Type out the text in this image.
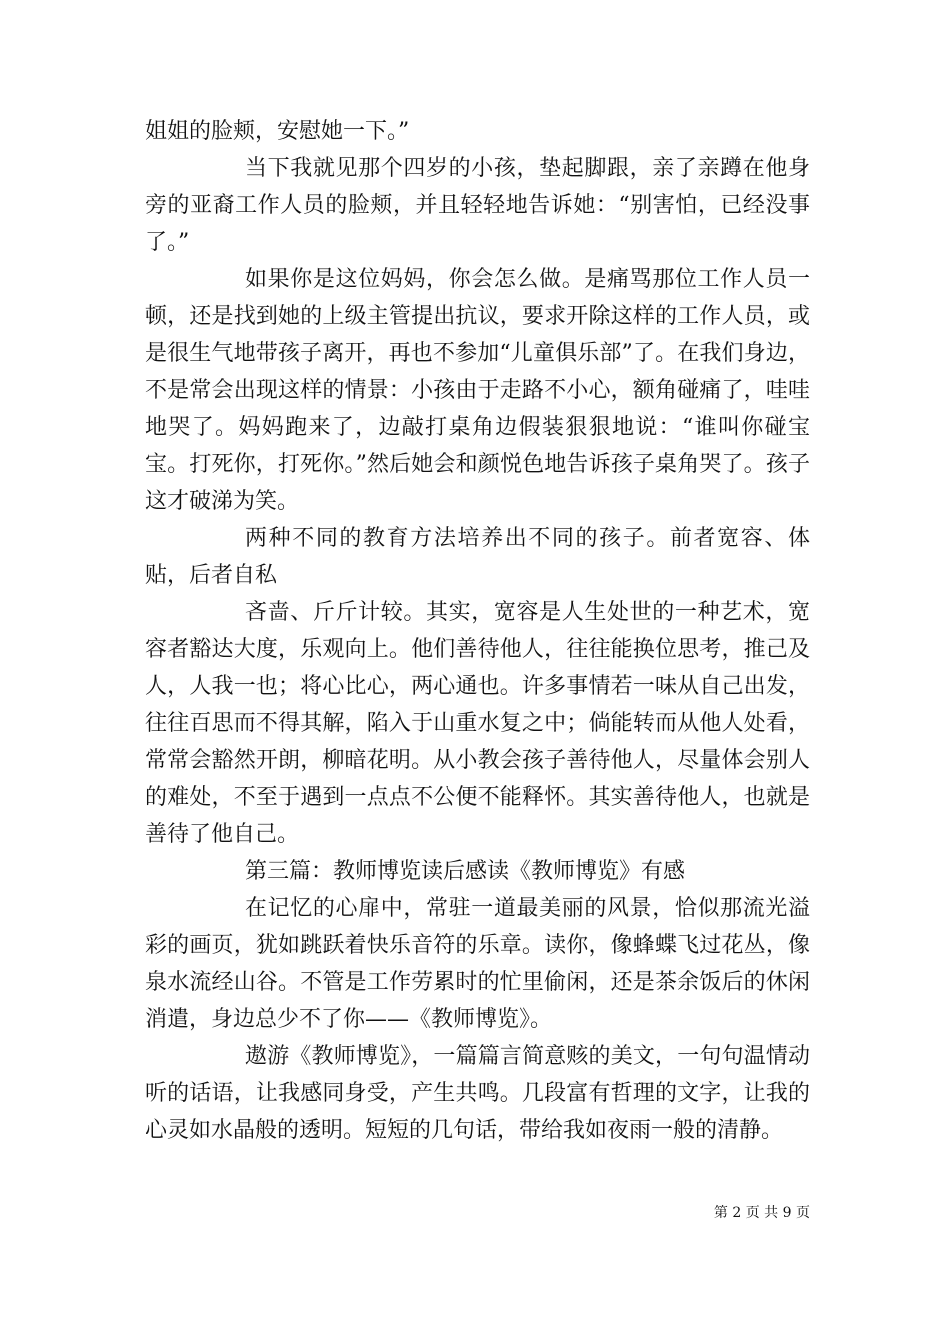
姐姐的脸颊，安慰她一下。”

当下我就见那个四岁的小孩，垫起脚跟，亲了亲蹲在他身旁的亚裔工作人员的脸颊，并且轻轻地告诉她：“别害怕，已经没事了。”

如果你是这位妈妈，你会怎么做。是痛骂那位工作人员一顿，还是找到她的上级主管提出抗议，要求开除这样的工作人员，或是很生气地带孩子离开，再也不参加“儿童俱乐部”了。在我们身边，不是常会出现这样的情景：小孩由于走路不小心，额角碰痛了，哇哇地哭了。妈妈跑来了，边敲打桌角边假装狠狠地说：“谁叫你碰宝宝。打死你，打死你。”然后她会和颜悦色地告诉孩子桌角哭了。孩子这才破涕为笑。

两种不同的教育方法培养出不同的孩子。前者宽容、体贴，后者自私

吝啬、斤斤计较。其实，宽容是人生处世的一种艺术，宽容者豁达大度，乐观向上。他们善待他人，往往能换位思考，推己及人，人我一也；将心比心，两心通也。许多事情若一味从自己出发，往往百思而不得其解，陷入于山重水复之中；倘能转而从他人处看，常常会豁然开朗，柳暗花明。从小教会孩子善待他人，尽量体会别人的难处，不至于遇到一点点不公便不能释怀。其实善待他人，也就是善待了他自己。

第三篇：教师博览读后感读《教师博览》有感

在记忆的心扉中，常驻一道最美丽的风景，恰似那流光溢彩的画页，犹如跳跃着快乐音符的乐章。读你，像蜂蝶飞过花丛，像泉水流经山谷。不管是工作劳累时的忙里偷闲，还是茶余饭后的休闲消遣，身边总少不了你——《教师博览》。

遨游《教师博览》，一篇篇言简意赅的美文，一句句温情动听的话语，让我感同身受，产生共鸣。几段富有哲理的文字，让我的心灵如水晶般的透明。短短的几句话，带给我如夜雨一般的清静。

第 2 页 共 9 页
